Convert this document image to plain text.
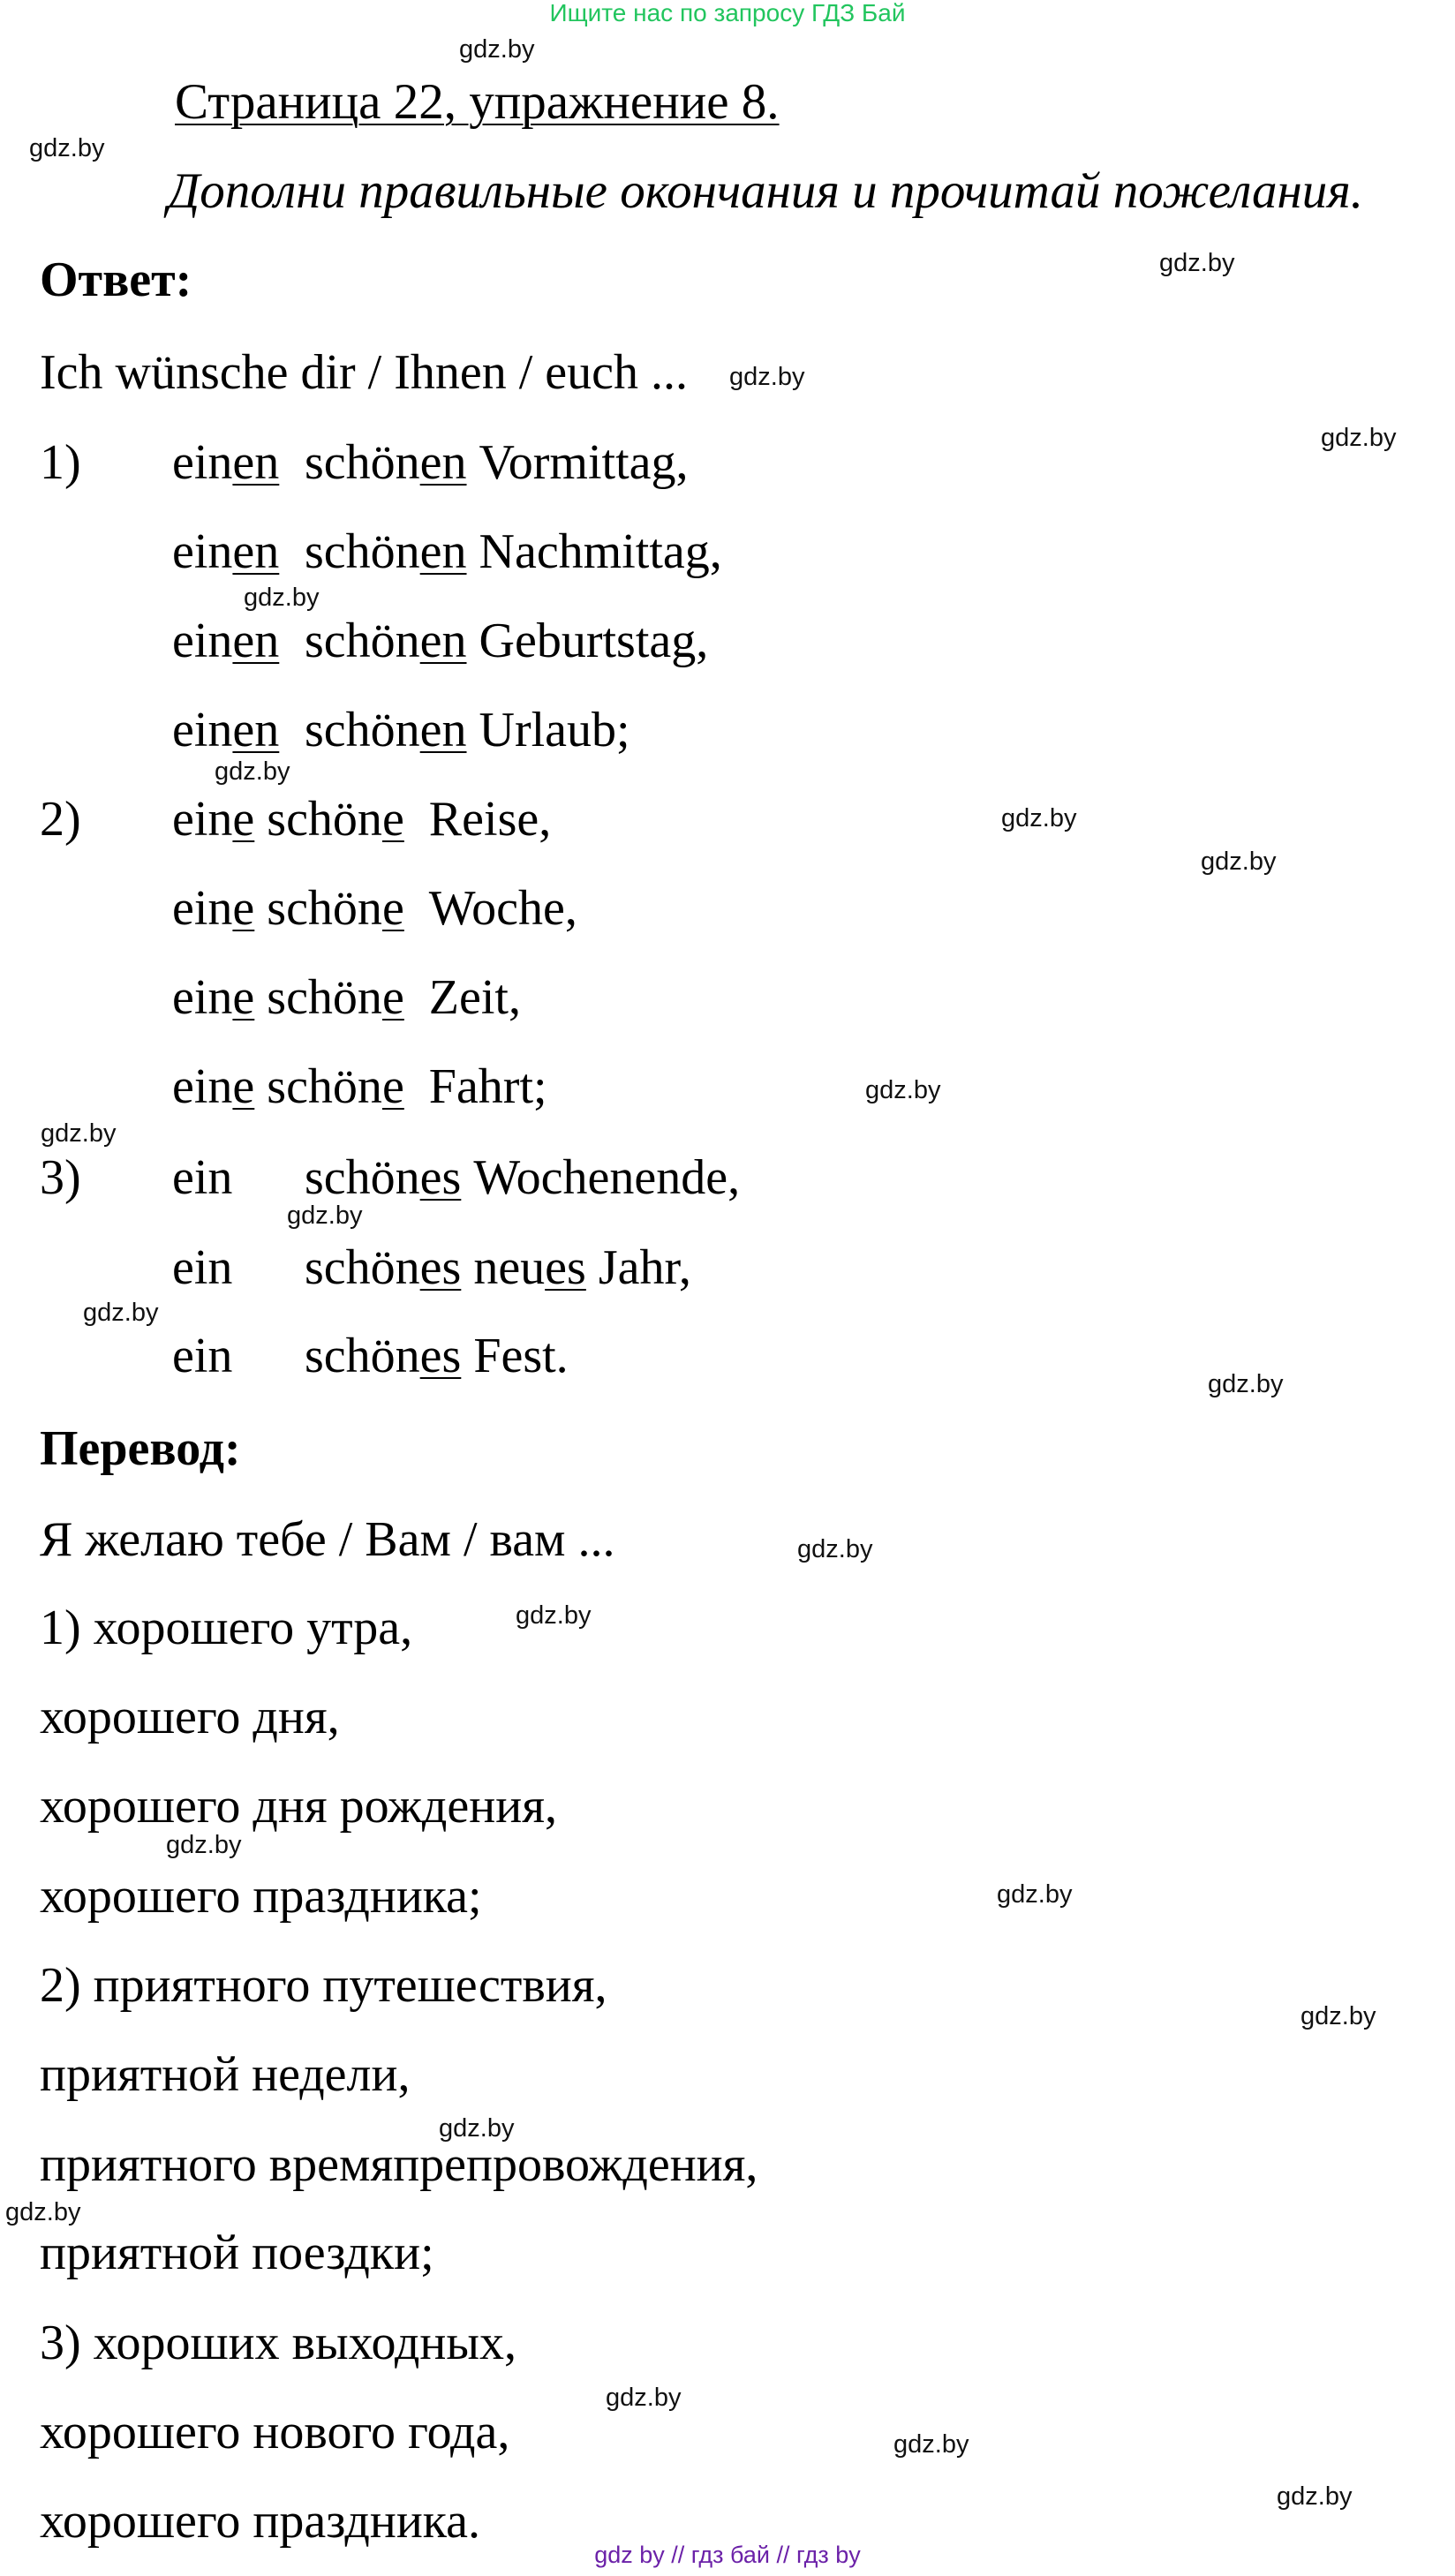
Ищите нас по запросу ГДЗ Бай
Страница 22, упражнение 8.
Дополни правильные окончания и прочитай пожелания.
Ответ:
Ich wünsche dir / Ihnen / euch ...
1) einen schönen Vormittag,
einen schönen Nachmittag,
einen schönen Geburtstag,
einen schönen Urlaub;
2) eine schöne Reise,
eine schöne Woche,
eine schöne Zeit,
eine schöne Fahrt;
3) ein schönes Wochenende,
ein schönes neues Jahr,
ein schönes Fest.
Перевод:
Я желаю тебе / Вам / вам ...
1) хорошего утра,
хорошего дня,
хорошего дня рождения,
хорошего праздника;
2) приятного путешествия,
приятной недели,
приятного времяпрепровождения,
приятной поездки;
3) хороших выходных,
хорошего нового года,
хорошего праздника.
gdz.by
gdz.by
gdz.by
gdz.by
gdz.by
gdz.by
gdz.by
gdz.by
gdz.by
gdz.by
gdz.by
gdz.by
gdz.by
gdz.by
gdz.by
gdz.by
gdz.by
gdz.by
gdz.by
gdz.by
gdz.by
gdz.by
gdz.by
gdz.by
gdz by // гдз бай // гдз by
